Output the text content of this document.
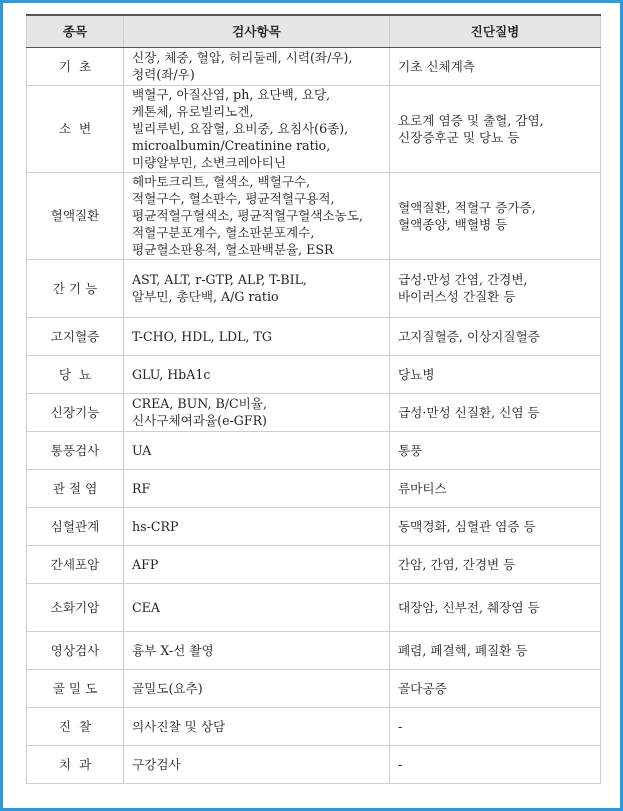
종목	검사항목	진단질병
기  초	신장, 체중, 혈압, 허리둘레, 시력(좌/우),
청력(좌/우)	기초 신체계측

소  변	백혈구, 아질산염, ph, 요단백, 요당,
케톤체, 유로빌리노겐,
빌리루빈, 요잠혈, 요비중, 요침사(6종),
microalbumin/Creatinine ratio,
미량알부민, 소변크레아티닌	요로계 염증 및 출혈, 감염,
신장증후군 및 당뇨 등

혈액질환	헤마토크리트, 혈색소, 백혈구수,
적혈구수, 혈소판수, 평균적혈구용적,
평균적혈구혈색소, 평균적혈구혈색소농도,
적혈구분포계수, 혈소판분포계수,
평균혈소판용적, 혈소판백분율, ESR	혈액질환, 적혈구 증가증,
혈액종양, 백혈병 등

간 기 능	AST, ALT, r-GTP, ALP, T-BIL,
알부민, 총단백, A/G ratio	급성·만성 간염, 간경변,
바이러스성 간질환 등

고지혈증	T-CHO, HDL, LDL, TG	고지질혈증, 이상지질혈증

당  뇨	GLU, HbA1c	당뇨병

신장기능	CREA, BUN, B/C비율,
신사구체여과율(e-GFR)	급성·만성 신질환, 신염 등

통풍검사	UA	통풍

관 절 염	RF	류마티스

심혈관계	hs-CRP	동맥경화, 심혈관 염증 등

간세포암	AFP	간암, 간염, 간경변 등

소화기암	CEA	대장암, 신부전, 췌장염 등

영상검사	흉부 X-선 촬영	폐렴, 폐결핵, 폐질환 등

골 밀 도	골밀도(요추)	골다공증

진  찰	의사진찰 및 상담	-

치  과	구강검사	-
